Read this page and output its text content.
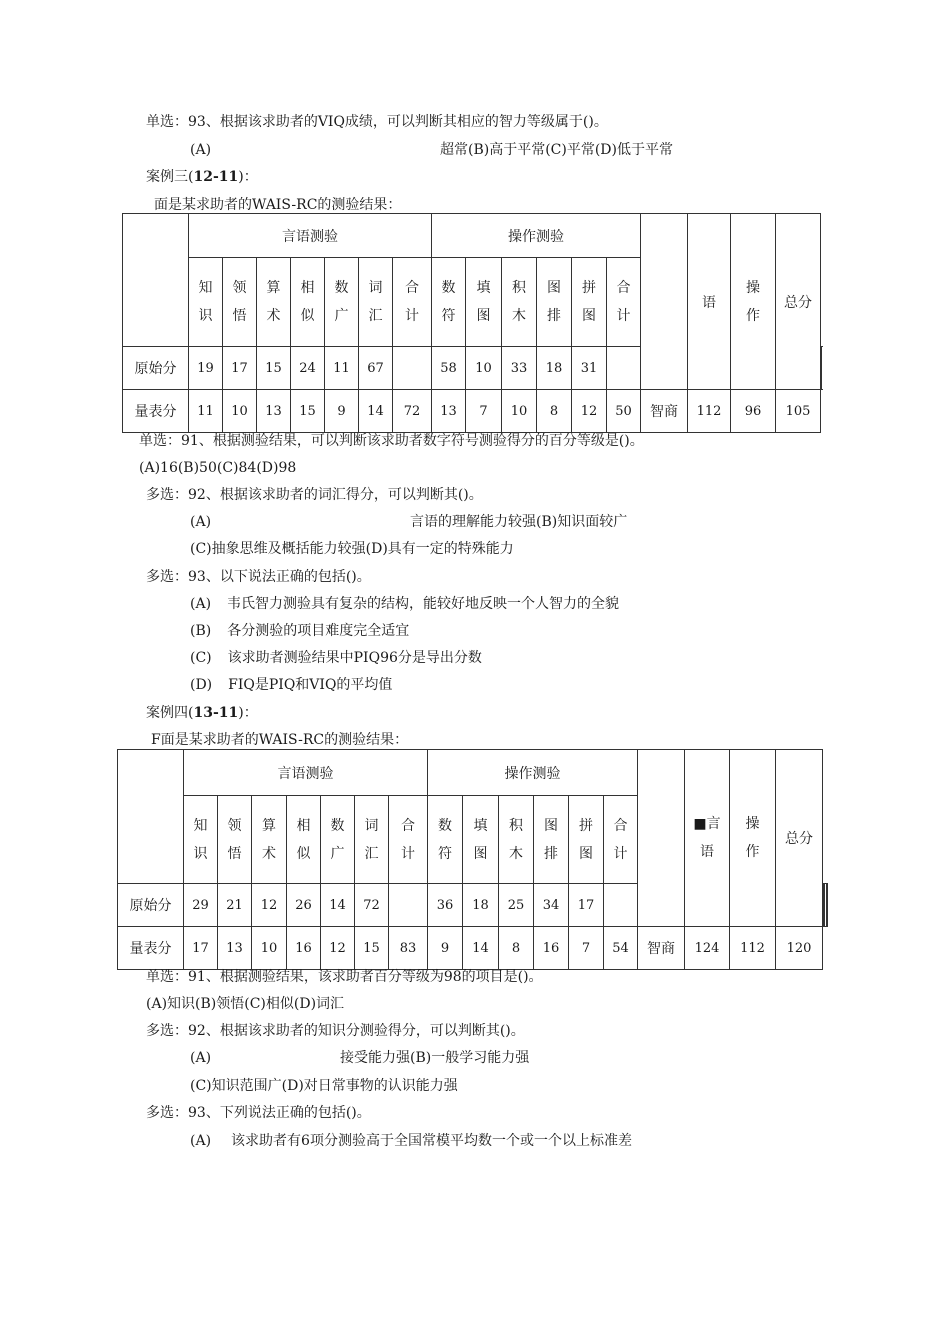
单选：93、根据该求助者的VIQ成绩，可以判断其相应的智力等级属于()。
(A)	超常(B)高于平常(C)平常(D)低于平常
案例三(12-11)：
面是某求助者的WAIS-RC的测验结果：
	言语测验							操作测验							语	操作	总分	
	知识	领悟	算术	相似	数广	词汇	合计	数符	填图	积木	图排	拼图	合计					
原始分	19	17	15	24	11	67		58	10	33	18	31					
量表分	11	10	13	15	9	14	72	13	7	10	8	12	50	智商	112	96	105	
单选：91、根据测验结果，可以判断该求助者数字符号测验得分的百分等级是()。
(A)16(B)50(C)84(D)98
多选：92、根据该求助者的词汇得分，可以判断其()。
(A)	言语的理解能力较强(B)知识面较广
(C)抽象思维及概括能力较强(D)具有一定的特殊能力
多选：93、以下说法正确的包括()。
(A) 韦氏智力测验具有复杂的结构，能较好地反映一个人智力的全貌
(B) 各分测验的项目难度完全适宜
(C) 该求助者测验结果中PIQ96分是导出分数
(D) FIQ是PIQ和VIQ的平均值
案例四(13-11)：
F面是某求助者的WAIS-RC的测验结果：
	言语测验							操作测验							■言语	操作	总分			
	知识	领悟	算术	相似	数广	词汇	合计	数符	填图	积木	图排	拼图	合计							
原始分	29	21	12	26	14	72		36	18	25	34	17					
量表分	17	13	10	16	12	15	83	9	14	8	16	7	54	智商	124	112	120			
单选：91、根据测验结果，该求助者百分等级为98的项目是()。
(A)知识(B)领悟(C)相似(D)词汇
多选：92、根据该求助者的知识分测验得分，可以判断其()。
(A)	接受能力强(B)一般学习能力强
(C)知识范围广(D)对日常事物的认识能力强
多选：93、下列说法正确的包括()。
(A) 该求助者有6项分测验高于全国常模平均数一个或一个以上标准差
